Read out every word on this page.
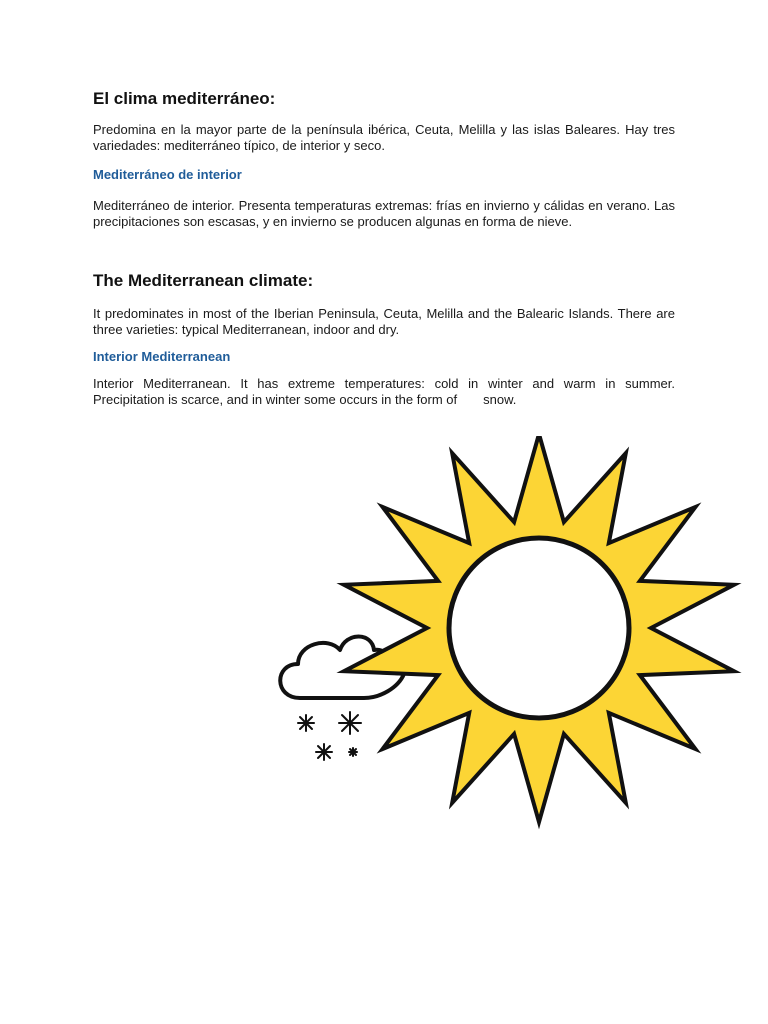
El clima mediterráneo:

Predomina en la mayor parte de la península ibérica, Ceuta, Melilla y las islas Baleares. Hay tres variedades: mediterráneo típico, de interior y seco.

Mediterráneo de interior

Mediterráneo de interior. Presenta temperaturas extremas: frías en invierno y cálidas en verano. Las precipitaciones son escasas, y en invierno se producen algunas en forma de nieve.

The Mediterranean climate:

It predominates in most of the Iberian Peninsula, Ceuta, Melilla and the Balearic Islands. There are three varieties: typical Mediterranean, indoor and dry.

Interior Mediterranean

Interior Mediterranean. It has extreme temperatures: cold in winter and warm in summer. Precipitation is scarce, and in winter some occurs in the form of snow.
